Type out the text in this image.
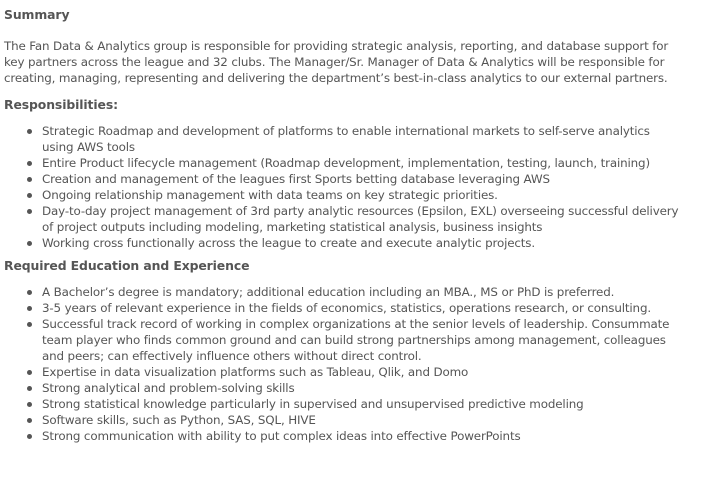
Summary

The Fan Data & Analytics group is responsible for providing strategic analysis, reporting, and database support for
key partners across the league and 32 clubs. The Manager/Sr. Manager of Data & Analytics will be responsible for
creating, managing, representing and delivering the department’s best-in-class analytics to our external partners.

Responsibilities:
Strategic Roadmap and development of platforms to enable international markets to self-serve analytics
using AWS tools
Entire Product lifecycle management (Roadmap development, implementation, testing, launch, training)
Creation and management of the leagues first Sports betting database leveraging AWS
Ongoing relationship management with data teams on key strategic priorities.
Day-to-day project management of 3rd party analytic resources (Epsilon, EXL) overseeing successful delivery
of project outputs including modeling, marketing statistical analysis, business insights
Working cross functionally across the league to create and execute analytic projects.
Required Education and Experience
A Bachelor’s degree is mandatory; additional education including an MBA., MS or PhD is preferred.
3-5 years of relevant experience in the fields of economics, statistics, operations research, or consulting.
Successful track record of working in complex organizations at the senior levels of leadership. Consummate
team player who finds common ground and can build strong partnerships among management, colleagues
and peers; can effectively influence others without direct control.
Expertise in data visualization platforms such as Tableau, Qlik, and Domo
Strong analytical and problem-solving skills
Strong statistical knowledge particularly in supervised and unsupervised predictive modeling
Software skills, such as Python, SAS, SQL, HIVE
Strong communication with ability to put complex ideas into effective PowerPoints
